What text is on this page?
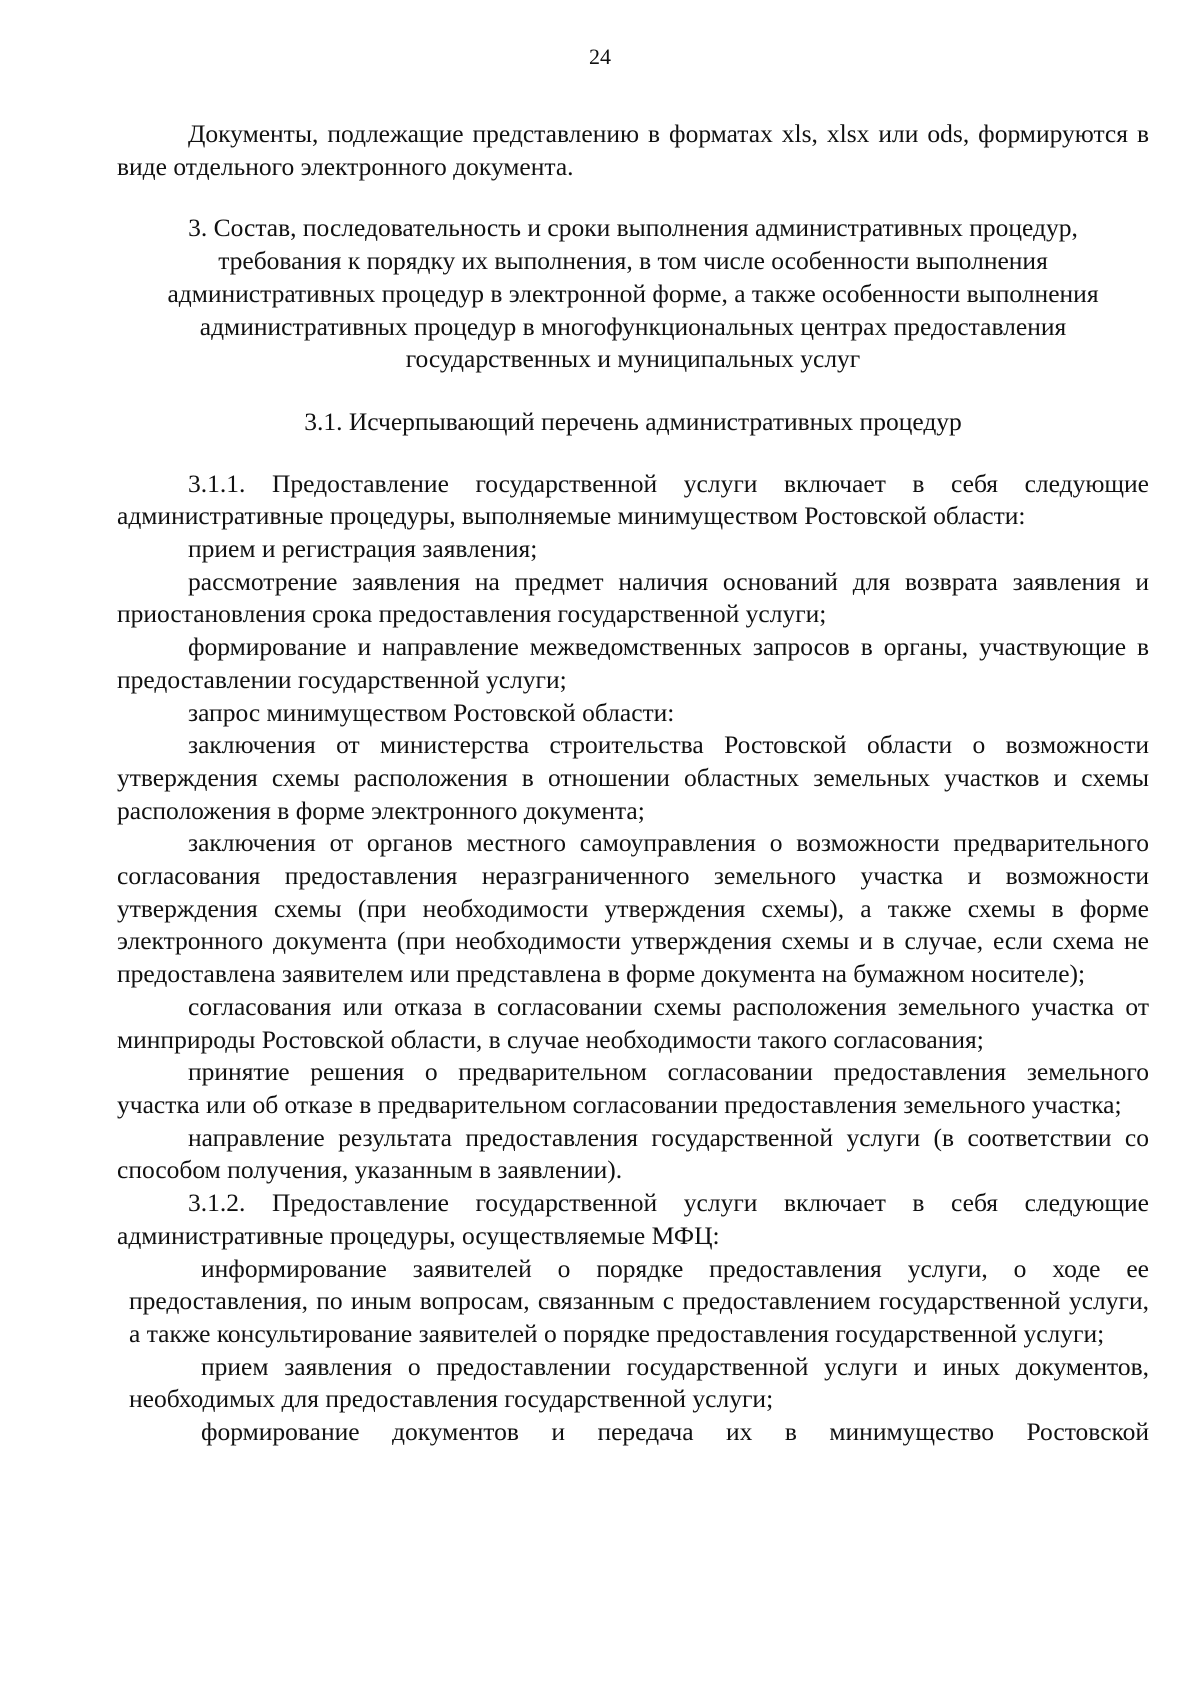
24

Документы, подлежащие представлению в форматах xls, xlsx или ods, формируются в виде отдельного электронного документа.

3. Состав, последовательность и сроки выполнения административных процедур, требования к порядку их выполнения, в том числе особенности выполнения административных процедур в электронной форме, а также особенности выполнения административных процедур в многофункциональных центрах предоставления государственных и муниципальных услуг

3.1. Исчерпывающий перечень административных процедур

3.1.1. Предоставление государственной услуги включает в себя следующие административные процедуры, выполняемые минимуществом Ростовской области:

прием и регистрация заявления;

рассмотрение заявления на предмет наличия оснований для возврата заявления и приостановления срока предоставления государственной услуги;

формирование и направление межведомственных запросов в органы, участвующие в предоставлении государственной услуги;

запрос минимуществом Ростовской области:

заключения от министерства строительства Ростовской области о возможности утверждения схемы расположения в отношении областных земельных участков и схемы расположения в форме электронного документа;

заключения от органов местного самоуправления о возможности предварительного согласования предоставления неразграниченного земельного участка и возможности утверждения схемы (при необходимости утверждения схемы), а также схемы в форме электронного документа (при необходимости утверждения схемы и в случае, если схема не предоставлена заявителем или представлена в форме документа на бумажном носителе);

согласования или отказа в согласовании схемы расположения земельного участка от минприроды Ростовской области, в случае необходимости такого согласования;

принятие решения о предварительном согласовании предоставления земельного участка или об отказе в предварительном согласовании предоставления земельного участка;

направление результата предоставления государственной услуги (в соответствии со способом получения, указанным в заявлении).

3.1.2. Предоставление государственной услуги включает в себя следующие административные процедуры, осуществляемые МФЦ:

информирование заявителей о порядке предоставления услуги, о ходе ее предоставления, по иным вопросам, связанным с предоставлением государственной услуги, а также консультирование заявителей о порядке предоставления государственной услуги;

прием заявления о предоставлении государственной услуги и иных документов, необходимых для предоставления государственной услуги;

формирование документов и передача их в минимущество Ростовской
